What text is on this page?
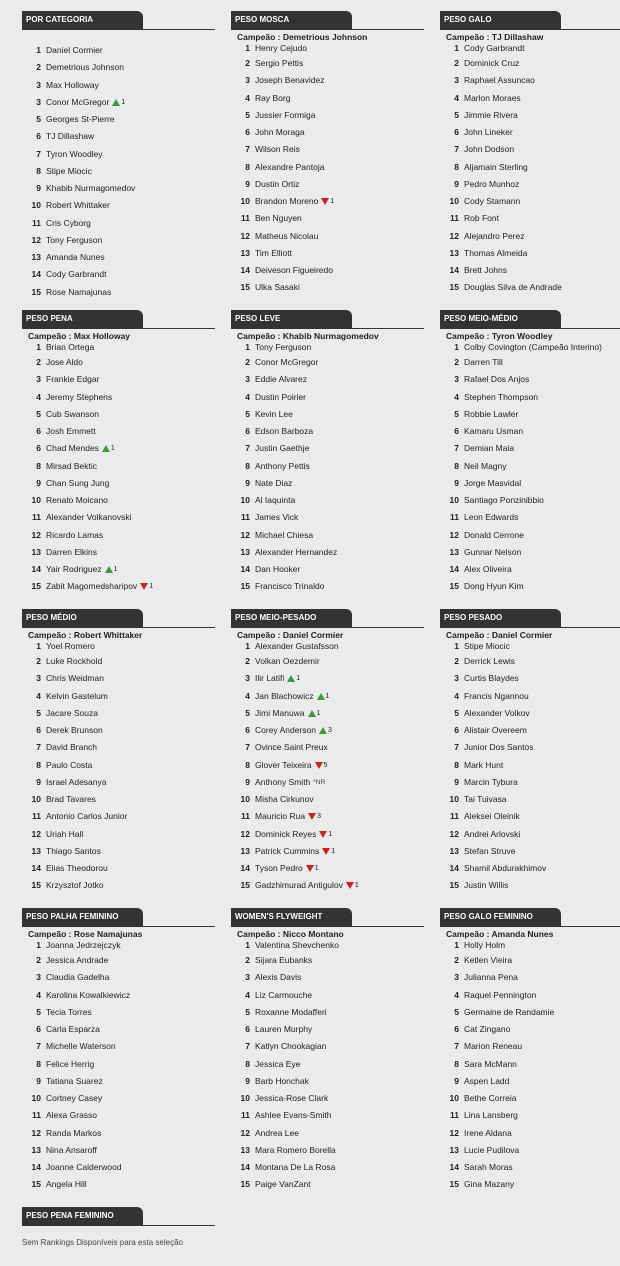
POR CATEGORIA
1 Daniel Cormier
2 Demetrious Johnson
3 Max Holloway
3 Conor McGregor 1
5 Georges St-Pierre
6 TJ Dillashaw
7 Tyron Woodley
8 Stipe Miocic
9 Khabib Nurmagomedov
10 Robert Whittaker
11 Cris Cyborg
12 Tony Ferguson
13 Amanda Nunes
14 Cody Garbrandt
15 Rose Namajunas
PESO MOSCA
Campeão : Demetrious Johnson
1 Henry Cejudo
2 Sergio Pettis
3 Joseph Benavidez
4 Ray Borg
5 Jussier Formiga
6 John Moraga
7 Wilson Reis
8 Alexandre Pantoja
9 Dustin Ortiz
10 Brandon Moreno 1
11 Ben Nguyen
12 Matheus Nicolau
13 Tim Elliott
14 Deiveson Figueiredo
15 Ulka Sasaki
PESO GALO
Campeão : TJ Dillashaw
1 Cody Garbrandt
2 Dominick Cruz
3 Raphael Assuncao
4 Marlon Moraes
5 Jimmie Rivera
6 John Lineker
7 John Dodson
8 Aljamain Sterling
9 Pedro Munhoz
10 Cody Stamann
11 Rob Font
12 Alejandro Perez
13 Thomas Almeida
14 Brett Johns
15 Douglas Silva de Andrade
PESO PENA
Campeão : Max Holloway
1 Brian Ortega
2 Jose Aldo
3 Frankie Edgar
4 Jeremy Stephens
5 Cub Swanson
6 Josh Emmett
6 Chad Mendes 1
8 Mirsad Bektic
9 Chan Sung Jung
10 Renato Moicano
11 Alexander Volkanovski
12 Ricardo Lamas
13 Darren Elkins
14 Yair Rodriguez 1
15 Zabit Magomedsharipov 1
PESO LEVE
Campeão : Khabib Nurmagomedov
1 Tony Ferguson
2 Conor McGregor
3 Eddie Alvarez
4 Dustin Poirier
5 Kevin Lee
6 Edson Barboza
7 Justin Gaethje
8 Anthony Pettis
9 Nate Diaz
10 Al Iaquinta
11 James Vick
12 Michael Chiesa
13 Alexander Hernandez
14 Dan Hooker
15 Francisco Trinaldo
PESO MEIO-MÉDIO
Campeão : Tyron Woodley
1 Colby Covington (Campeão Interino)
2 Darren Till
3 Rafael Dos Anjos
4 Stephen Thompson
5 Robbie Lawler
6 Kamaru Usman
7 Demian Maia
8 Neil Magny
9 Jorge Masvidal
10 Santiago Ponzinibbio
11 Leon Edwards
12 Donald Cerrone
13 Gunnar Nelson
14 Alex Oliveira
15 Dong Hyun Kim
PESO MÉDIO
Campeão : Robert Whittaker
1 Yoel Romero
2 Luke Rockhold
3 Chris Weidman
4 Kelvin Gastelum
5 Jacare Souza
6 Derek Brunson
7 David Branch
8 Paulo Costa
9 Israel Adesanya
10 Brad Tavares
11 Antonio Carlos Junior
12 Uriah Hall
13 Thiago Santos
14 Elias Theodorou
15 Krzysztof Jotko
PESO MEIO-PESADO
Campeão : Daniel Cormier
1 Alexander Gustafsson
2 Volkan Oezdemir
3 Ilir Latifi 1
4 Jan Blachowicz 1
5 Jimi Manuwa 1
6 Corey Anderson 3
7 Ovince Saint Preux
8 Glover Teixeira 5
9 Anthony Smith *NR
10 Misha Cirkunov
11 Mauricio Rua 3
12 Dominick Reyes 1
13 Patrick Cummins 1
14 Tyson Pedro 1
15 Gadzhimurad Antigulov 1
PESO PESADO
Campeão : Daniel Cormier
1 Stipe Miocic
2 Derrick Lewis
3 Curtis Blaydes
4 Francis Ngannou
5 Alexander Volkov
6 Alistair Overeem
7 Junior Dos Santos
8 Mark Hunt
9 Marcin Tybura
10 Tai Tuivasa
11 Aleksei Oleinik
12 Andrei Arlovski
13 Stefan Struve
14 Shamil Abdurakhimov
15 Justin Willis
PESO PALHA FEMININO
Campeão : Rose Namajunas
1 Joanna Jedrzejczyk
2 Jessica Andrade
3 Claudia Gadelha
4 Karolina Kowalkiewicz
5 Tecia Torres
6 Carla Esparza
7 Michelle Waterson
8 Felice Herrig
9 Tatiana Suarez
10 Cortney Casey
11 Alexa Grasso
12 Randa Markos
13 Nina Ansaroff
14 Joanne Calderwood
15 Angela Hill
WOMEN'S FLYWEIGHT
Campeão : Nicco Montano
1 Valentina Shevchenko
2 Sijara Eubanks
3 Alexis Davis
4 Liz Carmouche
5 Roxanne Modafferi
6 Lauren Murphy
7 Katlyn Chookagian
8 Jessica Eye
9 Barb Honchak
10 Jessica-Rose Clark
11 Ashlee Evans-Smith
12 Andrea Lee
13 Mara Romero Borella
14 Montana De La Rosa
15 Paige VanZant
PESO GALO FEMININO
Campeão : Amanda Nunes
1 Holly Holm
2 Ketlen Vieira
3 Julianna Pena
4 Raquel Pennington
5 Germaine de Randamie
6 Cat Zingano
7 Marion Reneau
8 Sara McMann
9 Aspen Ladd
10 Bethe Correia
11 Lina Lansberg
12 Irene Aldana
13 Lucie Pudilova
14 Sarah Moras
15 Gina Mazany
PESO PENA FEMININO
Sem Rankings Disponíveis para esta seleção
